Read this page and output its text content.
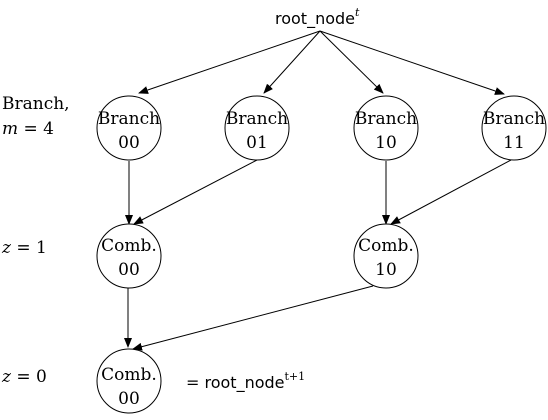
Branch
00
Branch
01
Branch
10
Branch
11
Comb.
00
Comb.
10
Comb.
00
root_node$^t$
= root_node$^{t+1}$
Branch,
m = 4
z = 1
z = 0
